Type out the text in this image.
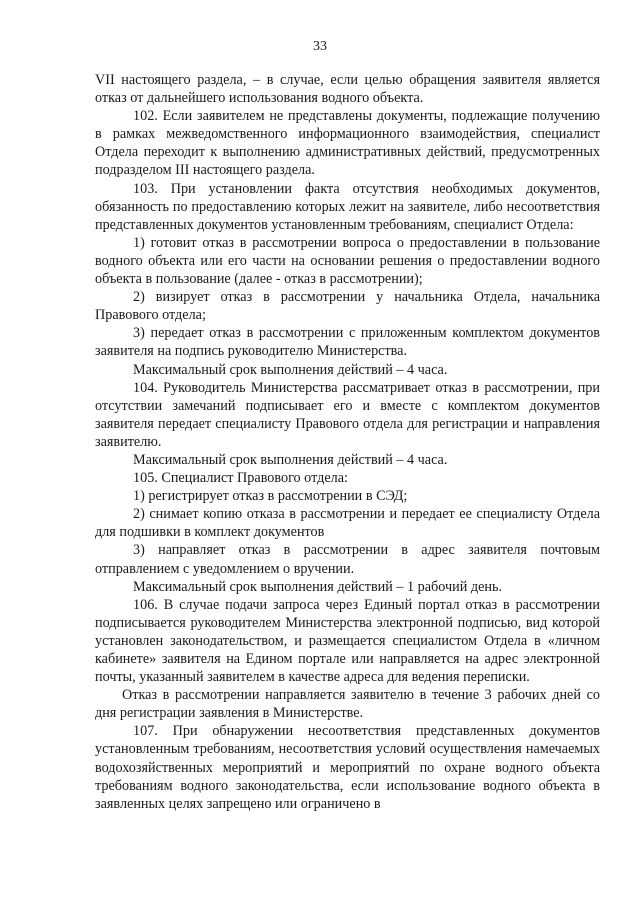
33

VII настоящего раздела, – в случае, если целью обращения заявителя является отказ от дальнейшего использования водного объекта.

102. Если заявителем не представлены документы, подлежащие получению в рамках межведомственного информационного взаимодействия, специалист Отдела переходит к выполнению административных действий, предусмотренных подразделом III настоящего раздела.

103. При установлении факта отсутствия необходимых документов, обязанность по предоставлению которых лежит на заявителе, либо несоответствия представленных документов установленным требованиям, специалист Отдела:

1) готовит отказ в рассмотрении вопроса о предоставлении в пользование водного объекта или его части на основании решения о предоставлении водного объекта в пользование (далее - отказ в рассмотрении);

2) визирует отказ в рассмотрении у начальника Отдела, начальника Правового отдела;

3) передает отказ в рассмотрении с приложенным комплектом документов заявителя на подпись руководителю Министерства.

Максимальный срок выполнения действий – 4 часа.

104. Руководитель Министерства рассматривает отказ в рассмотрении, при отсутствии замечаний подписывает его и вместе с комплектом документов заявителя передает специалисту Правового отдела для регистрации и направления заявителю.

Максимальный срок выполнения действий – 4 часа.

105. Специалист Правового отдела:

1) регистрирует отказ в рассмотрении в СЭД;

2) снимает копию отказа в рассмотрении и передает ее специалисту Отдела для подшивки в комплект документов

3) направляет отказ в рассмотрении в адрес заявителя почтовым отправлением с уведомлением о вручении.

Максимальный срок выполнения действий – 1 рабочий день.

106. В случае подачи запроса через Единый портал отказ в рассмотрении подписывается руководителем Министерства электронной подписью, вид которой установлен законодательством, и размещается специалистом Отдела в «личном кабинете» заявителя на Едином портале или направляется на адрес электронной почты, указанный заявителем в качестве адреса для ведения переписки.

Отказ в рассмотрении направляется заявителю в течение 3 рабочих дней со дня регистрации заявления в Министерстве.

107. При обнаружении несоответствия представленных документов установленным требованиям, несоответствия условий осуществления намечаемых водохозяйственных мероприятий и мероприятий по охране водного объекта требованиям водного законодательства, если использование водного объекта в заявленных целях запрещено или ограничено в
